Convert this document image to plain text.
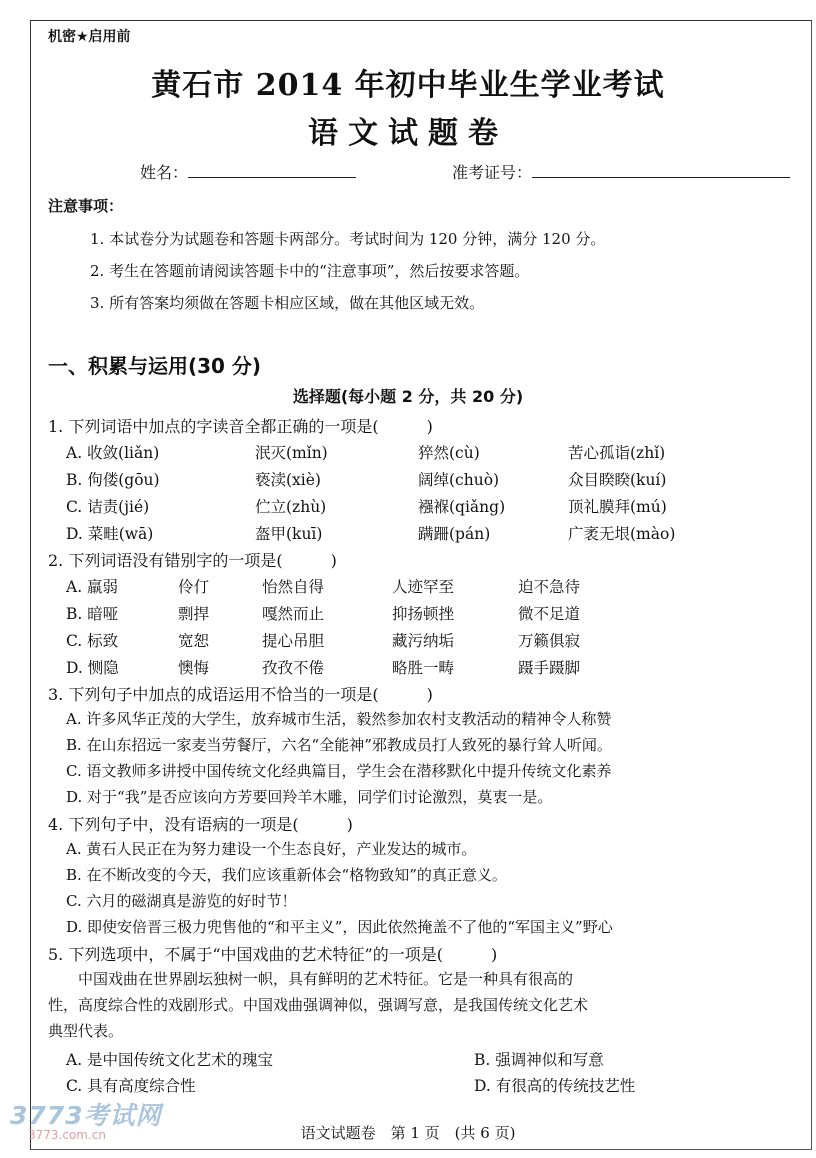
机密★启用前
黄石市 2014 年初中毕业生学业考试
语文试题卷
姓名：	准考证号：
注意事项：
1. 本试卷分为试题卷和答题卡两部分。考试时间为 120 分钟，满分 120 分。
2. 考生在答题前请阅读答题卡中的“注意事项”，然后按要求答题。
3. 所有答案均须做在答题卡相应区域，做在其他区域无效。
一、积累与运用(30 分)
选择题(每小题 2 分，共 20 分)
1. 下列词语中加点的字读音全都正确的一项是(　　　)
A. 收敛(liǎn)	泯灭(mǐn)	猝然(cù)	苦心孤诣(zhǐ)
B. 佝偻(gōu)	亵渎(xiè)	阔绰(chuò)	众目睽睽(kuí)
C. 诘责(jié)	伫立(zhù)	襁褓(qiǎng)	顶礼膜拜(mú)
D. 菜畦(wā)	盔甲(kuī)	蹒跚(pán)	广袤无垠(mào)
2. 下列词语没有错别字的一项是(　　　)
A. 羸弱	伶仃	怡然自得	人迹罕至	迫不急待
B. 暗哑	剽捍	嘎然而止	抑扬顿挫	微不足道
C. 标致	宽恕	提心吊胆	藏污纳垢	万籁俱寂
D. 恻隐	懊悔	孜孜不倦	略胜一畴	蹑手蹑脚
3. 下列句子中加点的成语运用不恰当的一项是(　　　)
A. 许多风华正茂的大学生，放弃城市生活，毅然参加农村支教活动的精神令人称赞
B. 在山东招远一家麦当劳餐厅，六名“全能神”邪教成员打人致死的暴行耸人听闻。
C. 语文教师多讲授中国传统文化经典篇目，学生会在潜移默化中提升传统文化素养
D. 对于“我”是否应该向方芳要回羚羊木雕，同学们讨论激烈，莫衷一是。
4. 下列句子中，没有语病的一项是(　　　)
A. 黄石人民正在为努力建设一个生态良好，产业发达的城市。
B. 在不断改变的今天，我们应该重新体会“格物致知”的真正意义。
C. 六月的磁湖真是游览的好时节！
D. 即使安倍晋三极力兜售他的“和平主义”，因此依然掩盖不了他的“军国主义”野心
5. 下列选项中，不属于“中国戏曲的艺术特征”的一项是(　　　)
　　中国戏曲在世界剧坛独树一帜，具有鲜明的艺术特征。它是一种具有很高的
性，高度综合性的戏剧形式。中国戏曲强调神似，强调写意，是我国传统文化艺术
典型代表。
A. 是中国传统文化艺术的瑰宝	B. 强调神似和写意
C. 具有高度综合性	D. 有很高的传统技艺性
3773考试网
3773.com.cn	语文试题卷　第 1 页　(共 6 页)
